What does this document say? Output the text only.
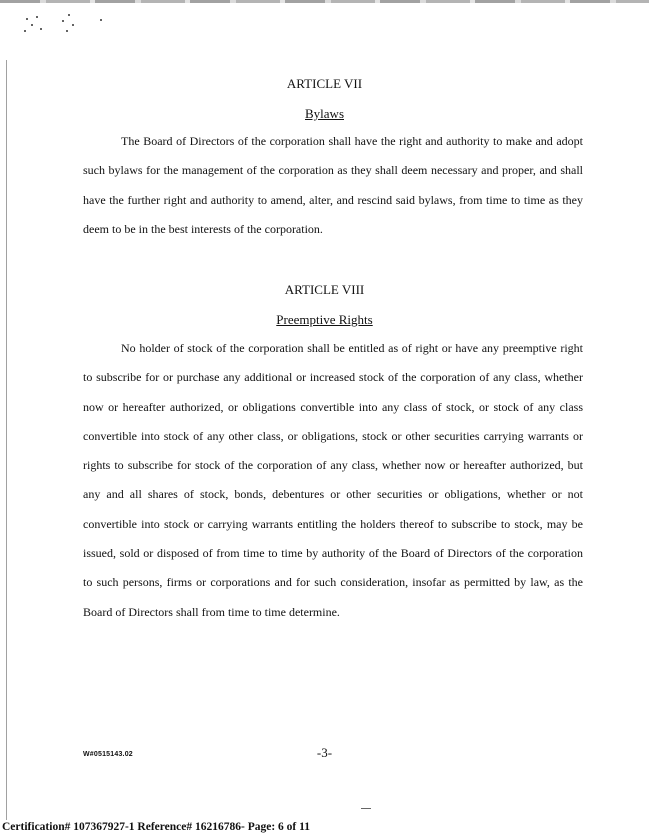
ARTICLE VII
Bylaws

The Board of Directors of the corporation shall have the right and authority to make and adopt such bylaws for the management of the corporation as they shall deem necessary and proper, and shall have the further right and authority to amend, alter, and rescind said bylaws, from time to time as they deem to be in the best interests of the corporation.

ARTICLE VIII
Preemptive Rights

No holder of stock of the corporation shall be entitled as of right or have any preemptive right to subscribe for or purchase any additional or increased stock of the corporation of any class, whether now or hereafter authorized, or obligations convertible into any class of stock, or stock of any class convertible into stock of any other class, or obligations, stock or other securities carrying warrants or rights to subscribe for stock of the corporation of any class, whether now or hereafter authorized, but any and all shares of stock, bonds, debentures or other securities or obligations, whether or not convertible into stock or carrying warrants entitling the holders thereof to subscribe to stock, may be issued, sold or disposed of from time to time by authority of the Board of Directors of the corporation to such persons, firms or corporations and for such consideration, insofar as permitted by law, as the Board of Directors shall from time to time determine.

W#0515143.02	-3-
Certification# 107367927-1 Reference# 16216786- Page: 6 of 11
